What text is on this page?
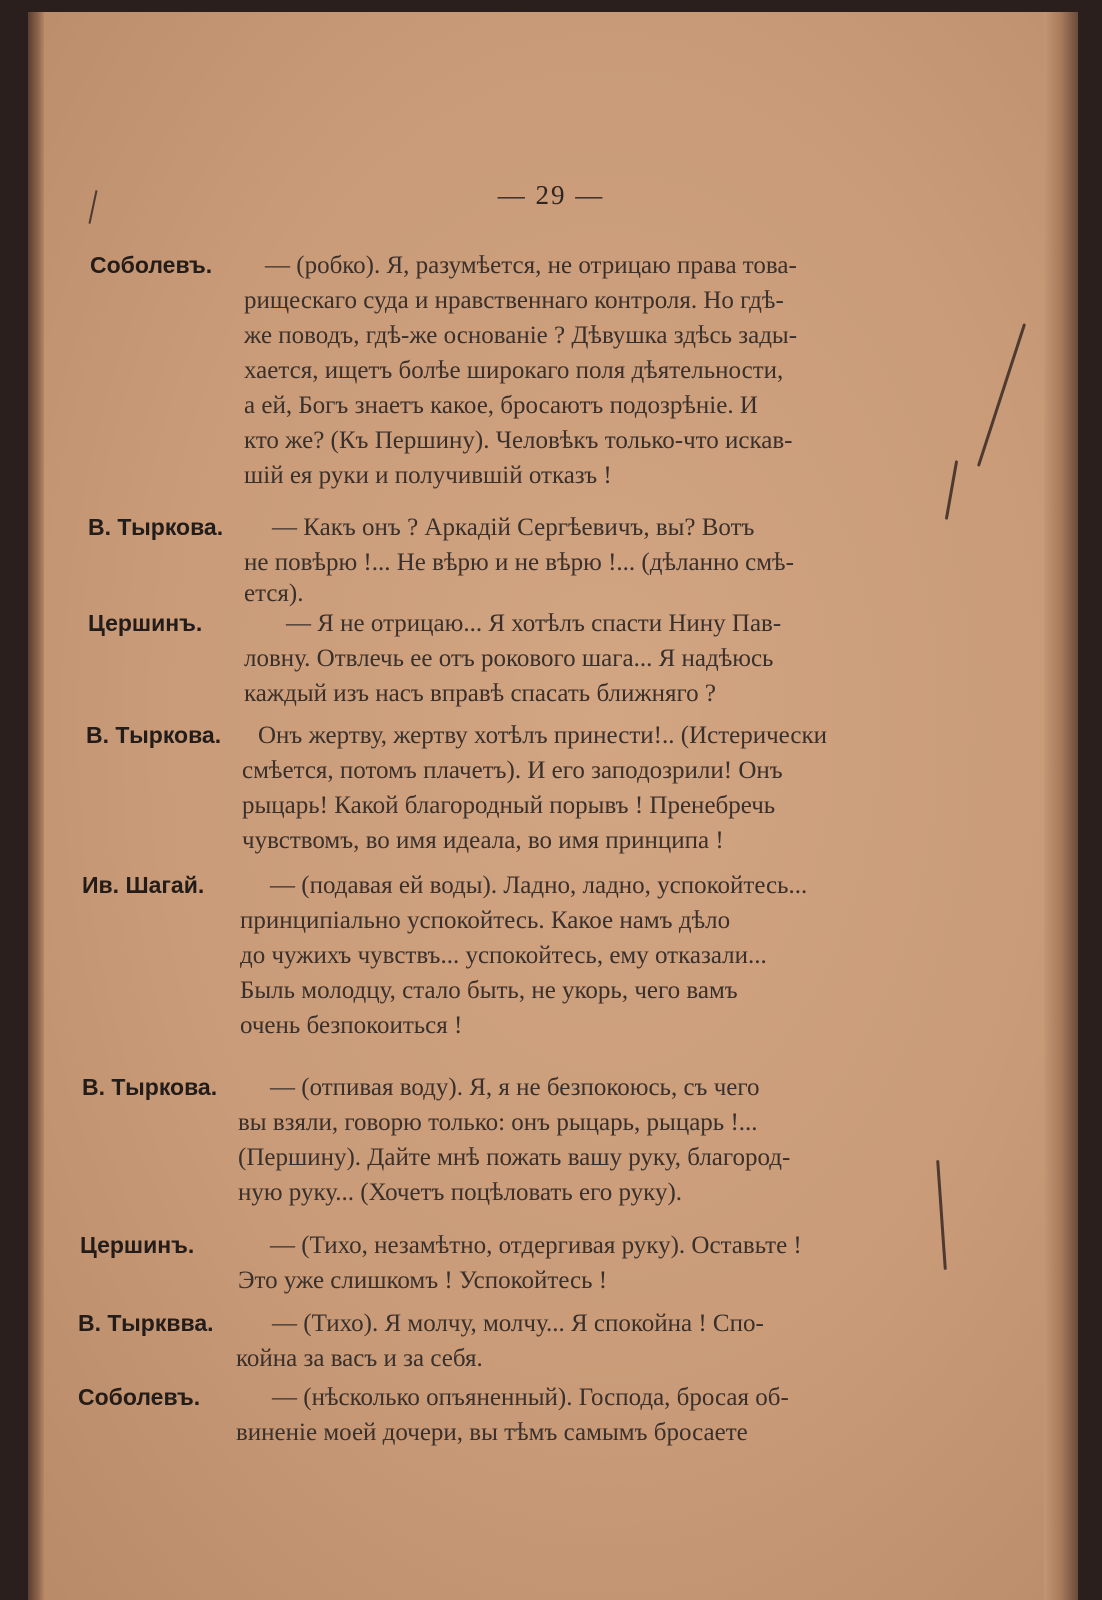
— 29 —
Соболевъ. — (робко). Я, разумѣется, не отрицаю права това-
рищескаго суда и нравственнаго контроля. Но гдѣ-
же поводъ, гдѣ-же основаніе ? Дѣвушка здѣсь зады-
хается, ищетъ болѣе широкаго поля дѣятельности,
а ей, Богъ знаетъ какое, бросаютъ подозрѣніе. И
кто же? (Къ Першину). Человѣкъ только-что искав-
шій ея руки и получившій отказъ !
В. Тыркова. — Какъ онъ ? Аркадій Сергѣевичъ, вы? Вотъ
не повѣрю !... Не вѣрю и не вѣрю !... (дѣланно смѣ-
ется).
Цершинъ.	— Я не отрицаю... Я хотѣлъ спасти Нину Пав-
ловну. Отвлечь ее отъ рокового шага... Я надѣюсь
каждый изъ насъ вправѣ спасать ближняго ?
В. Тыркова. Онъ жертву, жертву хотѣлъ принести!.. (Истерически
смѣется, потомъ плачетъ). И его заподозрили! Онъ
рыцарь! Какой благородный порывъ ! Пренебречь
чувствомъ, во имя идеала, во имя принципа !
Ив. Шагай.	— (подавая ей воды). Ладно, ладно, успокойтесь...
принципіально успокойтесь. Какое намъ дѣло
до чужихъ чувствъ... успокойтесь, ему отказали...
Быль молодцу, стало быть, не укорь, чего вамъ
очень безпокоиться !
В. Тыркова. — (отпивая воду). Я, я не безпокоюсь, съ чего
вы взяли, говорю только: онъ рыцарь, рыцарь !...
(Першину). Дайте мнѣ пожать вашу руку, благород-
ную руку... (Хочетъ поцѣловать его руку).
Цершинъ.	— (Тихо, незамѣтно, отдергивая руку). Оставьте !
Это уже слишкомъ ! Успокойтесь !
В. Тырквва. — (Тихо). Я молчу, молчу... Я спокойна ! Спо-
койна за васъ и за себя.
Соболевъ.	— (нѣсколько опъяненный). Господа, бросая об-
виненіе моей дочери, вы тѣмъ самымъ бросаете
